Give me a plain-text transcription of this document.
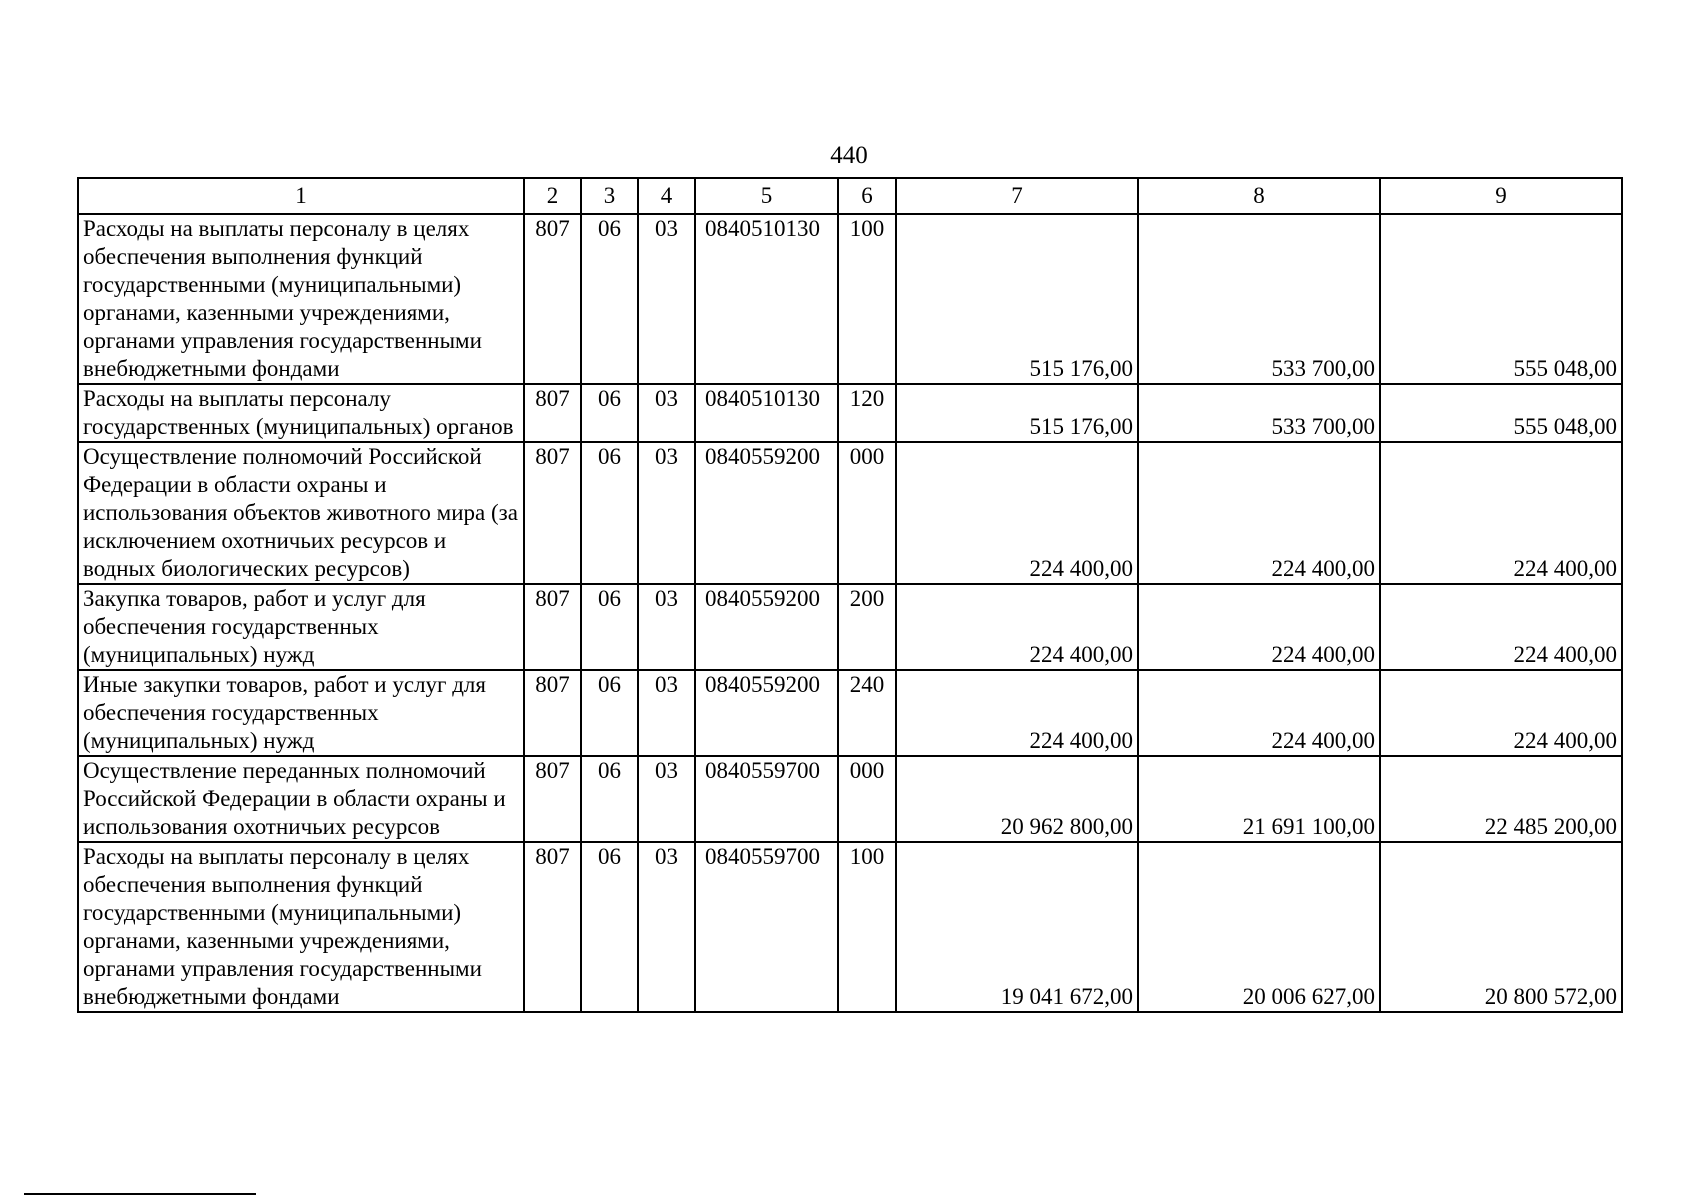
440
1	2	3	4	5	6	7	8	9
Расходы на выплаты персоналу в целях обеспечения выполнения функций государственными (муниципальными) органами, казенными учреждениями, органами управления государственными внебюджетными фондами	807	06	03	0840510130	100	515 176,00	533 700,00	555 048,00
Расходы на выплаты персоналу государственных (муниципальных) органов	807	06	03	0840510130	120	515 176,00	533 700,00	555 048,00
Осуществление полномочий Российской Федерации в области охраны и использования объектов животного мира (за исключением охотничьих ресурсов и водных биологических ресурсов)	807	06	03	0840559200	000	224 400,00	224 400,00	224 400,00
Закупка товаров, работ и услуг для обеспечения государственных (муниципальных) нужд	807	06	03	0840559200	200	224 400,00	224 400,00	224 400,00
Иные закупки товаров, работ и услуг для обеспечения государственных (муниципальных) нужд	807	06	03	0840559200	240	224 400,00	224 400,00	224 400,00
Осуществление переданных полномочий Российской Федерации в области охраны и использования охотничьих ресурсов	807	06	03	0840559700	000	20 962 800,00	21 691 100,00	22 485 200,00
Расходы на выплаты персоналу в целях обеспечения выполнения функций государственными (муниципальными) органами, казенными учреждениями, органами управления государственными внебюджетными фондами	807	06	03	0840559700	100	19 041 672,00	20 006 627,00	20 800 572,00
